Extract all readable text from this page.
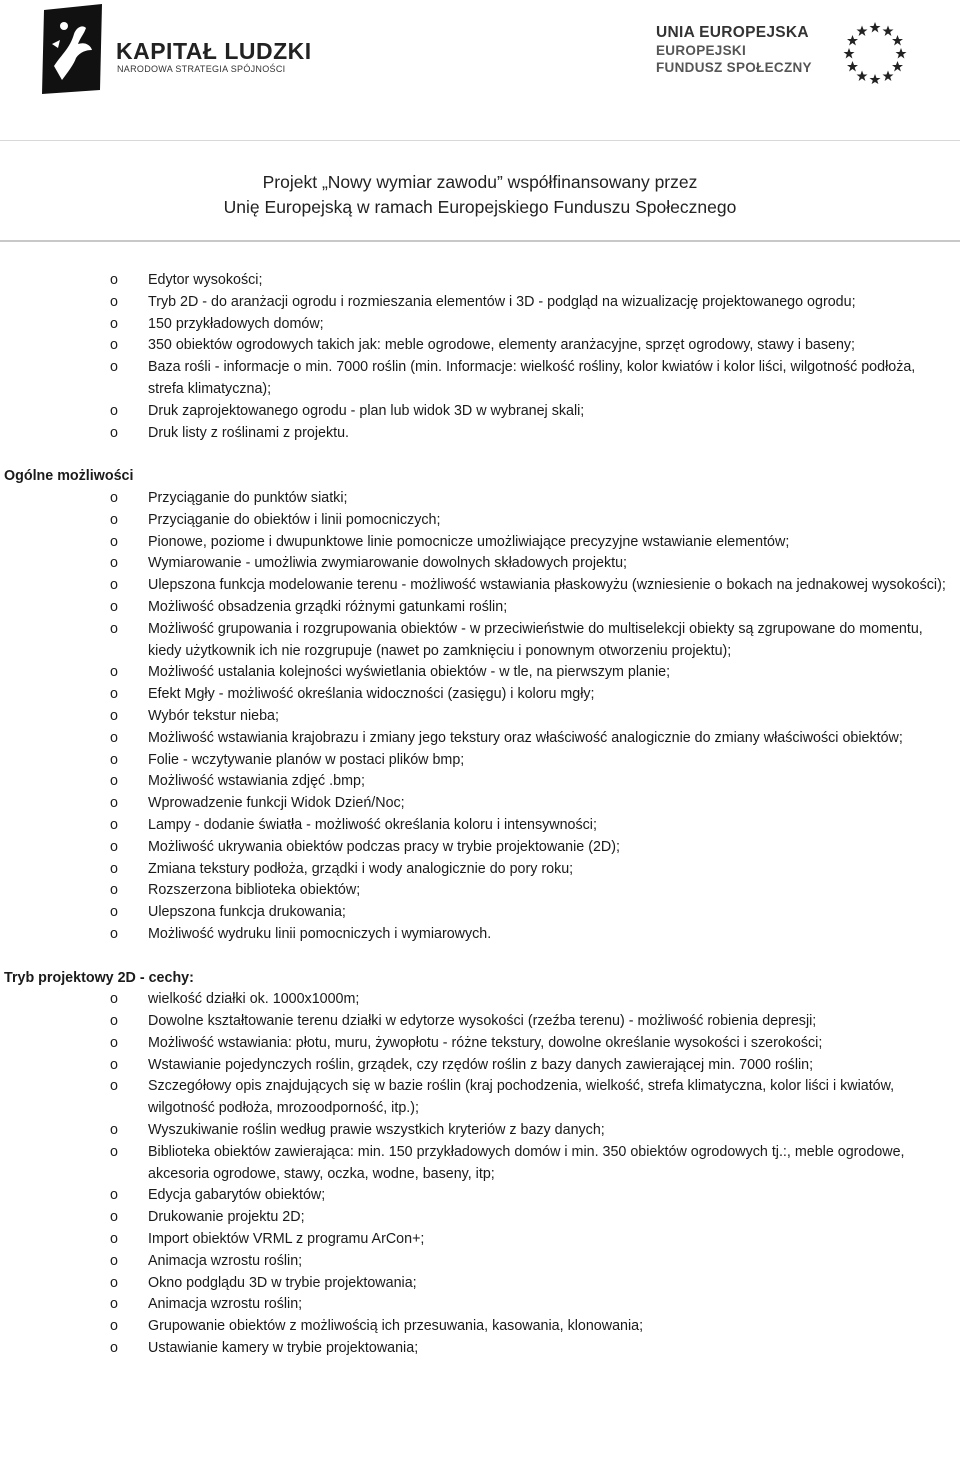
KAPITAŁ LUDZKI
NARODOWA STRATEGIA SPÓJNOŚCI
UNIA EUROPEJSKA
EUROPEJSKI
FUNDUSZ SPOŁECZNY
Projekt „Nowy wymiar zawodu” współfinansowany przez
Unię Europejską w ramach Europejskiego Funduszu Społecznego
o Edytor wysokości;
o Tryb 2D - do aranżacji ogrodu i rozmieszania elementów i 3D - podgląd na wizualizację projektowanego ogrodu;
o 150 przykładowych domów;
o 350 obiektów ogrodowych takich jak: meble ogrodowe, elementy aranżacyjne, sprzęt ogrodowy, stawy i baseny;
o Baza rośli - informacje o min. 7000 roślin (min. Informacje: wielkość rośliny, kolor kwiatów i kolor liści, wilgotność podłoża, strefa klimatyczna);
o Druk zaprojektowanego ogrodu - plan lub widok 3D w wybranej skali;
o Druk listy z roślinami z projektu.
Ogólne możliwości
o Przyciąganie do punktów siatki;
o Przyciąganie do obiektów i linii pomocniczych;
o Pionowe, poziome i dwupunktowe linie pomocnicze umożliwiające precyzyjne wstawianie elementów;
o Wymiarowanie - umożliwia zwymiarowanie dowolnych składowych projektu;
o Ulepszona funkcja modelowanie terenu - możliwość wstawiania płaskowyżu (wzniesienie o bokach na jednakowej wysokości);
o Możliwość obsadzenia grządki różnymi gatunkami roślin;
o Możliwość grupowania i rozgrupowania obiektów - w przeciwieństwie do multiselekcji obiekty są zgrupowane do momentu, kiedy użytkownik ich nie rozgrupuje (nawet po zamknięciu i ponownym otworzeniu projektu);
o Możliwość ustalania kolejności wyświetlania obiektów - w tle, na pierwszym planie;
o Efekt Mgły - możliwość określania widoczności (zasięgu) i koloru mgły;
o Wybór tekstur nieba;
o Możliwość wstawiania krajobrazu i zmiany jego tekstury oraz właściwość analogicznie do zmiany właściwości obiektów;
o Folie - wczytywanie planów w postaci plików bmp;
o Możliwość wstawiania zdjęć .bmp;
o Wprowadzenie funkcji Widok Dzień/Noc;
o Lampy - dodanie światła - możliwość określania koloru i intensywności;
o Możliwość ukrywania obiektów podczas pracy w trybie projektowanie (2D);
o Zmiana tekstury podłoża, grządki i wody analogicznie do pory roku;
o Rozszerzona biblioteka obiektów;
o Ulepszona funkcja drukowania;
o Możliwość wydruku linii pomocniczych i wymiarowych.
Tryb projektowy 2D - cechy:
o wielkość działki ok. 1000x1000m;
o Dowolne kształtowanie terenu działki w edytorze wysokości (rzeźba terenu) - możliwość robienia depresji;
o Możliwość wstawiania: płotu, muru, żywopłotu - różne tekstury, dowolne określanie wysokości i szerokości;
o Wstawianie pojedynczych roślin, grządek, czy rzędów roślin z bazy danych zawierającej min. 7000 roślin;
o Szczegółowy opis znajdujących się w bazie roślin (kraj pochodzenia, wielkość, strefa klimatyczna, kolor liści i kwiatów, wilgotność podłoża, mrozoodporność, itp.);
o Wyszukiwanie roślin według prawie wszystkich kryteriów z bazy danych;
o Biblioteka obiektów zawierająca: min. 150 przykładowych domów i min. 350 obiektów ogrodowych tj.:, meble ogrodowe, akcesoria ogrodowe, stawy, oczka, wodne, baseny, itp;
o Edycja gabarytów obiektów;
o Drukowanie projektu 2D;
o Import obiektów VRML z programu ArCon+;
o Animacja wzrostu roślin;
o Okno podglądu 3D w trybie projektowania;
o Animacja wzrostu roślin;
o Grupowanie obiektów z możliwością ich przesuwania, kasowania, klonowania;
o Ustawianie kamery w trybie projektowania;
